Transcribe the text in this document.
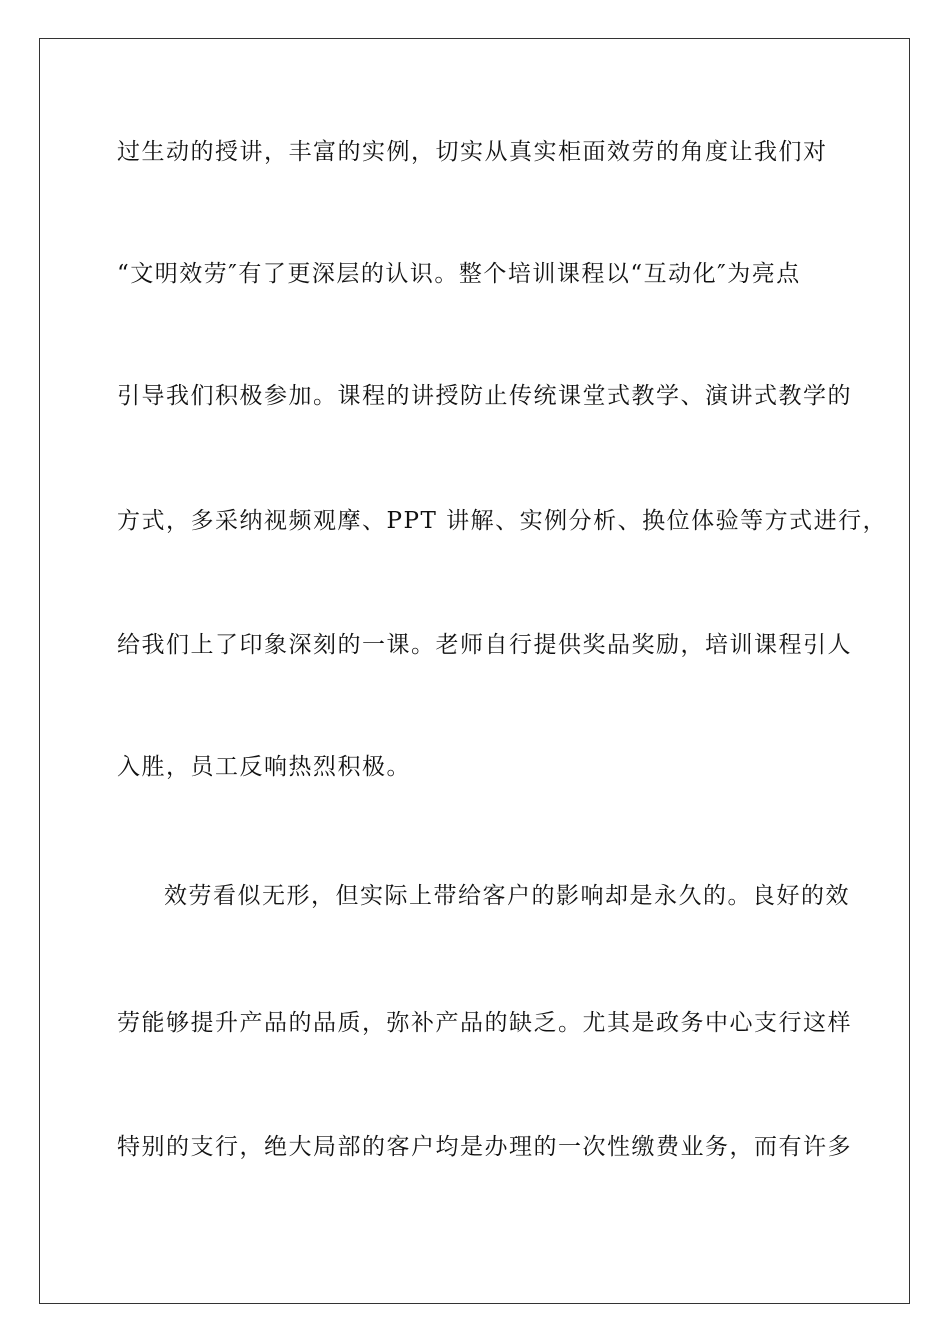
过生动的授讲，丰富的实例，切实从真实柜面效劳的角度让我们对

“文明效劳″有了更深层的认识。整个培训课程以“互动化″为亮点

引导我们积极参加。课程的讲授防止传统课堂式教学、演讲式教学的

方式，多采纳视频观摩、PPT 讲解、实例分析、换位体验等方式进行，

给我们上了印象深刻的一课。老师自行提供奖品奖励，培训课程引人

入胜，员工反响热烈积极。

效劳看似无形，但实际上带给客户的影响却是永久的。良好的效

劳能够提升产品的品质，弥补产品的缺乏。尤其是政务中心支行这样

特别的支行，绝大局部的客户均是办理的一次性缴费业务，而有许多
